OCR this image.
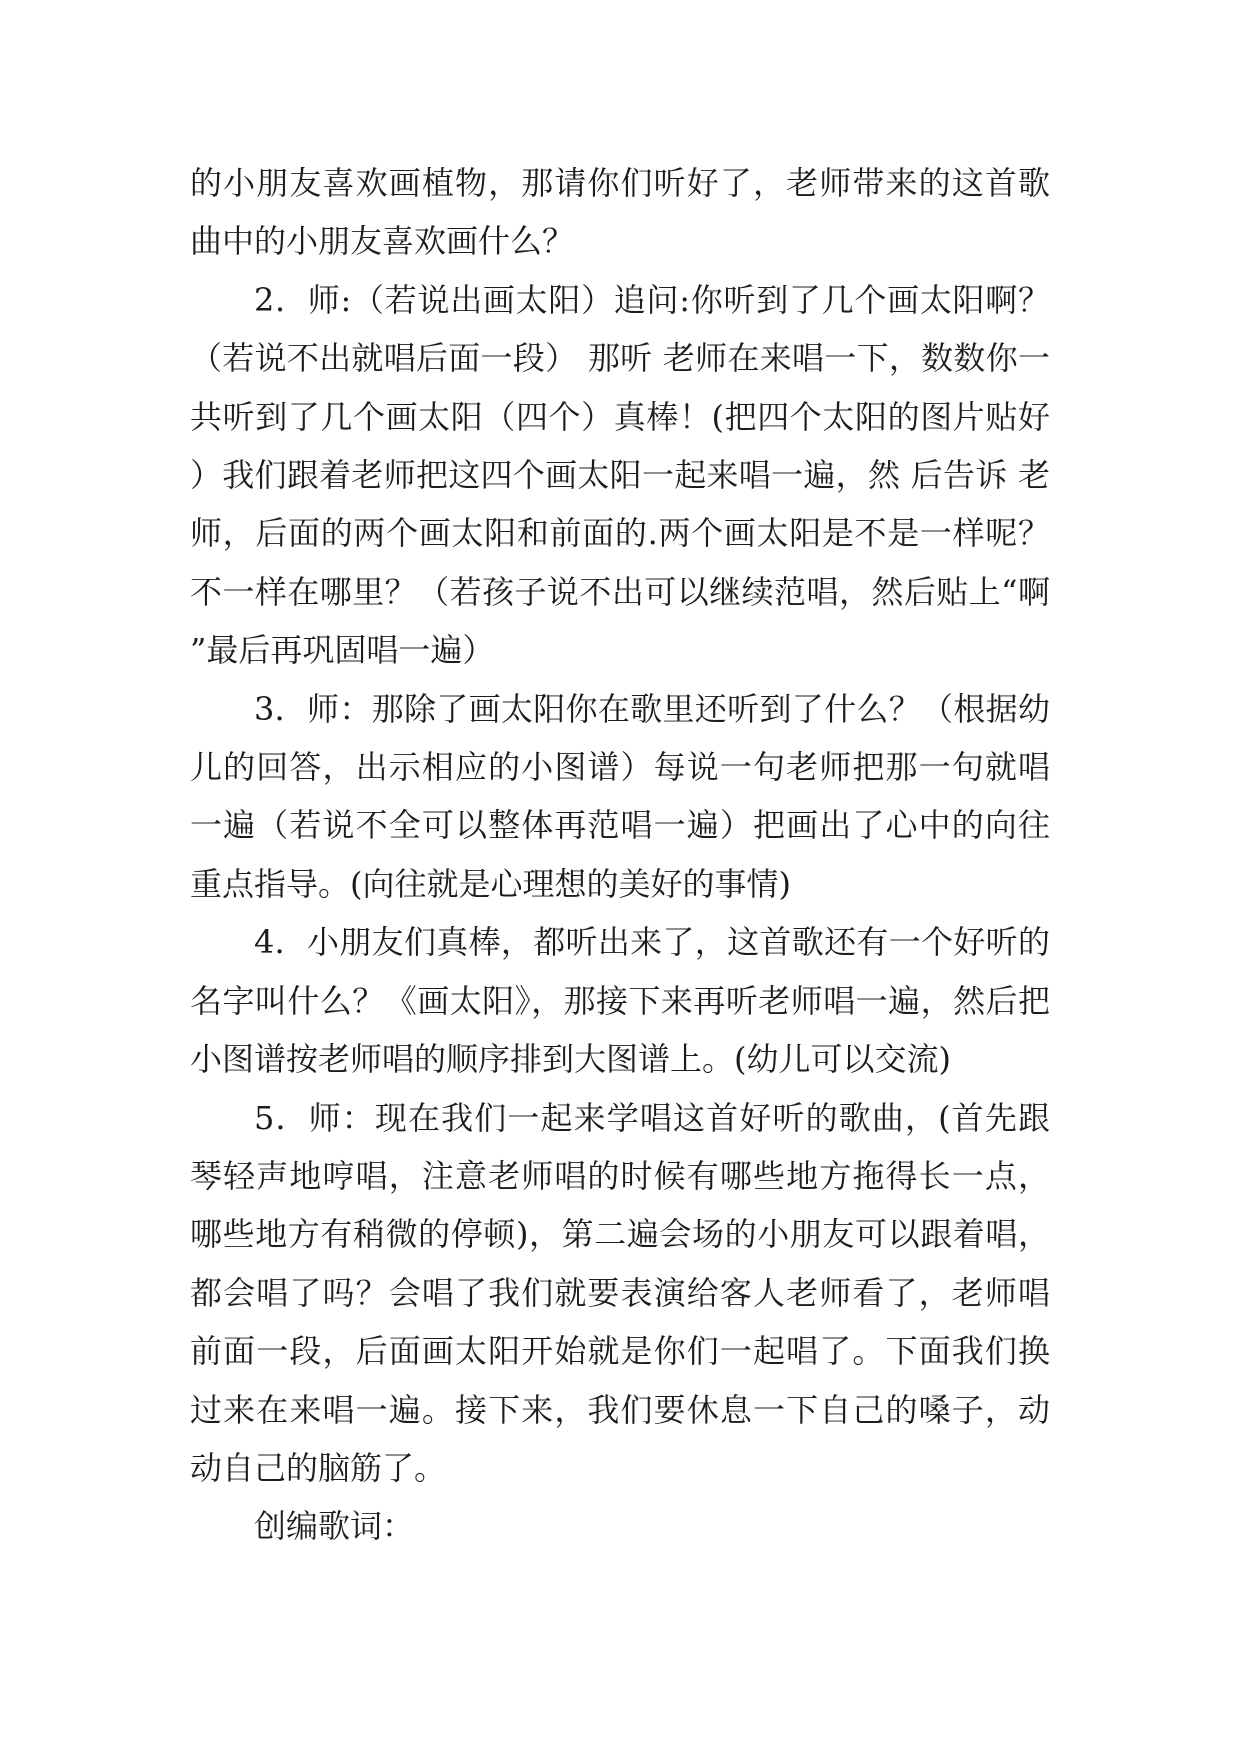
的小朋友喜欢画植物，那请你们听好了，老师带来的这首歌曲中的小朋友喜欢画什么？

2．师:（若说出画太阳）追问:你听到了几个画太阳啊？（若说不出就唱后面一段） 那听 老师在来唱一下，数数你一共听到了几个画太阳（四个）真棒！(把四个太阳的图片贴好）我们跟着老师把这四个画太阳一起来唱一遍，然 后告诉 老师，后面的两个画太阳和前面的.两个画太阳是不是一样呢？不一样在哪里？（若孩子说不出可以继续范唱，然后贴上“啊”最后再巩固唱一遍）

3．师：那除了画太阳你在歌里还听到了什么？（根据幼儿的回答，出示相应的小图谱）每说一句老师把那一句就唱一遍（若说不全可以整体再范唱一遍）把画出了心中的向往重点指导。(向往就是心理想的美好的事情)

4．小朋友们真棒，都听出来了，这首歌还有一个好听的名字叫什么？《画太阳》，那接下来再听老师唱一遍，然后把小图谱按老师唱的顺序排到大图谱上。(幼儿可以交流)

5．师：现在我们一起来学唱这首好听的歌曲，(首先跟琴轻声地哼唱，注意老师唱的时候有哪些地方拖得长一点，哪些地方有稍微的停顿)，第二遍会场的小朋友可以跟着唱，都会唱了吗？会唱了我们就要表演给客人老师看了，老师唱前面一段，后面画太阳开始就是你们一起唱了。下面我们换过来在来唱一遍。接下来，我们要休息一下自己的嗓子，动动自己的脑筋了。

创编歌词：
